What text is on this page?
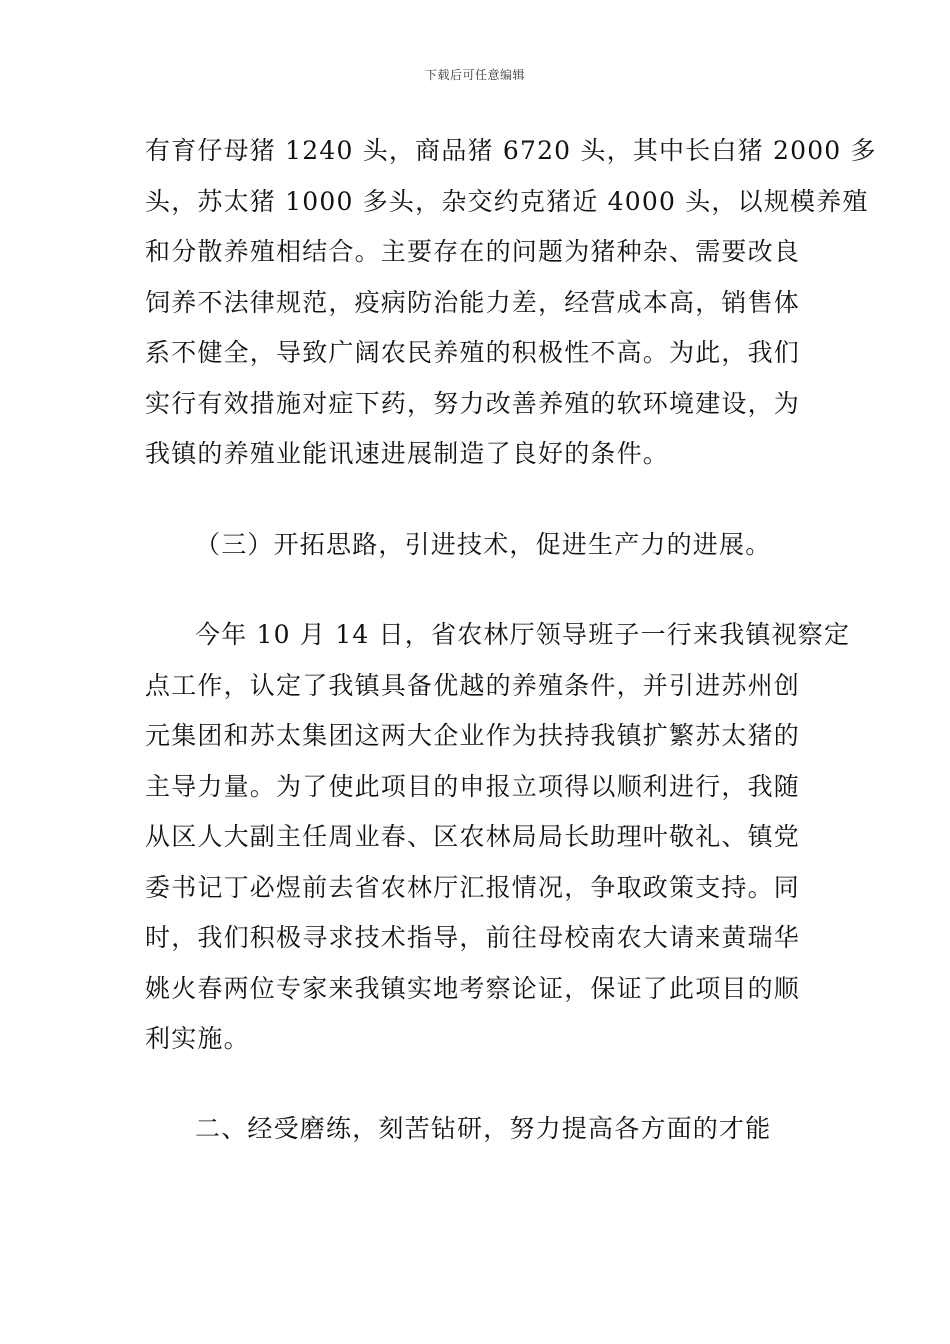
下载后可任意编辑

有育仔母猪 1240 头，商品猪 6720 头，其中长白猪 2000 多
头，苏太猪 1000 多头，杂交约克猪近 4000 头，以规模养殖
和分散养殖相结合。主要存在的问题为猪种杂、需要改良
饲养不法律规范，疫病防治能力差，经营成本高，销售体
系不健全，导致广阔农民养殖的积极性不高。为此，我们
实行有效措施对症下药，努力改善养殖的软环境建设，为
我镇的养殖业能讯速进展制造了良好的条件。

（三）开拓思路，引进技术，促进生产力的进展。

今年 10 月 14 日，省农林厅领导班子一行来我镇视察定
点工作，认定了我镇具备优越的养殖条件，并引进苏州创
元集团和苏太集团这两大企业作为扶持我镇扩繁苏太猪的
主导力量。为了使此项目的申报立项得以顺利进行，我随
从区人大副主任周业春、区农林局局长助理叶敬礼、镇党
委书记丁必煜前去省农林厅汇报情况，争取政策支持。同
时，我们积极寻求技术指导，前往母校南农大请来黄瑞华
姚火春两位专家来我镇实地考察论证，保证了此项目的顺
利实施。

二、经受磨练，刻苦钻研，努力提高各方面的才能
